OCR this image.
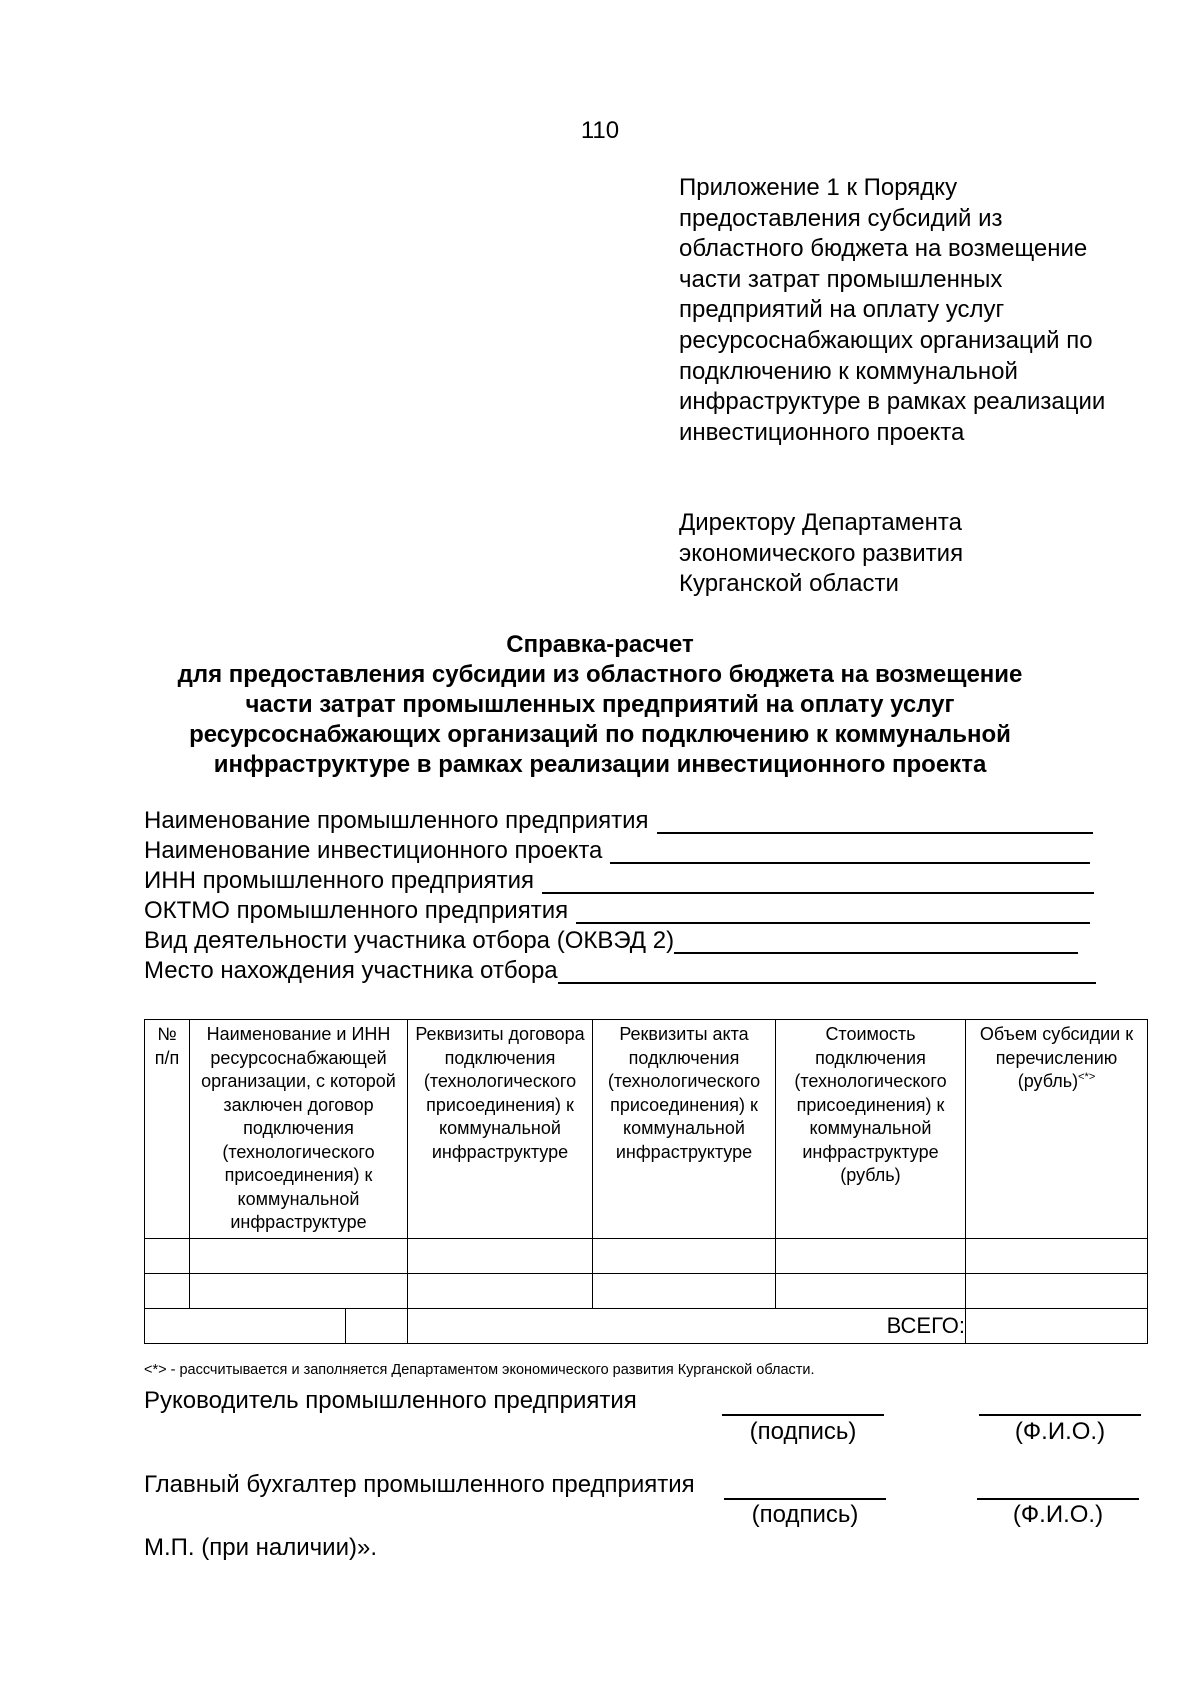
110
Приложение 1 к Порядку
предоставления субсидий из
областного бюджета на возмещение
части затрат промышленных
предприятий на оплату услуг
ресурсоснабжающих организаций по
подключению к коммунальной
инфраструктуре в рамках реализации
инвестиционного проекта
Директору Департамента
экономического развития
Курганской области
Справка-расчет
для предоставления субсидии из областного бюджета на возмещение
части затрат промышленных предприятий на оплату услуг
ресурсоснабжающих организаций по подключению к коммунальной
инфраструктуре в рамках реализации инвестиционного проекта
Наименование промышленного предприятия
Наименование инвестиционного проекта
ИНН промышленного предприятия
ОКТМО промышленного предприятия
Вид деятельности участника отбора (ОКВЭД 2)
Место нахождения участника отбора
№ п/п	Наименование и ИНН ресурсоснабжающей организации, с которой заключен договор подключения (технологического присоединения) к коммунальной инфраструктуре	Реквизиты договора подключения (технологического присоединения) к коммунальной инфраструктуре	Реквизиты акта подключения (технологического присоединения) к коммунальной инфраструктуре	Стоимость подключения (технологического присоединения) к коммунальной инфраструктуре (рубль)	Объем субсидии к перечислению (рубль)<*>

		ВСЕГО:			
<*> - рассчитывается и заполняется Департаментом экономического развития Курганской области.
Руководитель промышленного предприятия
(подпись)	(Ф.И.О.)
Главный бухгалтер промышленного предприятия
(подпись)	(Ф.И.О.)
М.П. (при наличии)».
